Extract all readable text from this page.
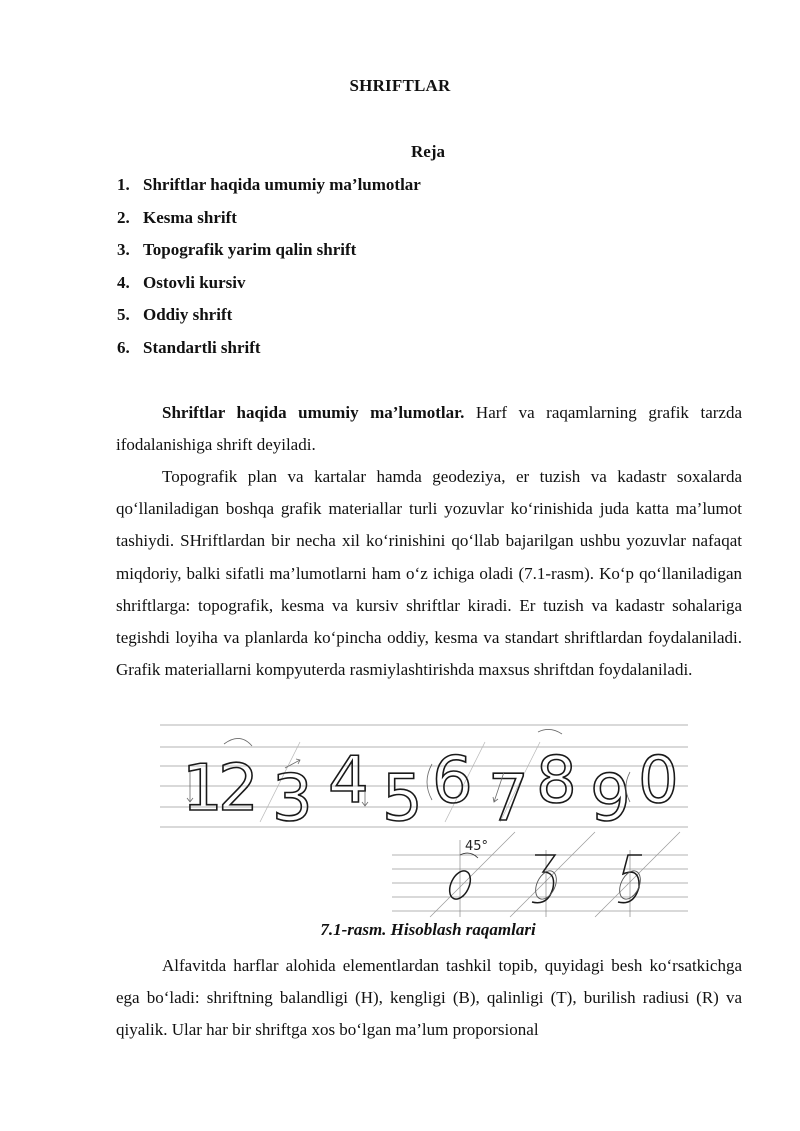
SHRIFTLAR
Reja
1. Shriftlar haqida umumiy ma’lumotlar
2. Kesma shrift
3. Topografik yarim qalin shrift
4. Ostovli kursiv
5. Oddiy shrift
6. Standartli shrift

Shriftlar haqida umumiy ma’lumotlar. Harf va raqamlarning grafik tarzda ifodalanishiga shrift deyiladi.

Topografik plan va kartalar hamda geodeziya, er tuzish va kadastr soxalarda qo‘llaniladigan boshqa grafik materiallar turli yozuvlar ko‘rinishida juda katta ma’lumot tashiydi. SHriftlardan bir necha xil ko‘rinishini qo‘llab bajarilgan ushbu yozuvlar nafaqat miqdoriy, balki sifatli ma’lumotlarni ham o‘z ichiga oladi (7.1-rasm). Ko‘p qo‘llaniladigan shriftlarga: topografik, kesma va kursiv shriftlar kiradi. Er tuzish va kadastr sohalariga tegishdi loyiha va planlarda ko‘pincha oddiy, kesma va standart shriftlardan foydalaniladi. Grafik materiallarni kompyuterda rasmiylashtirishda maxsus shriftdan foydalaniladi.

1
2 3 4 5 6 7 8 9 0
45°
7.1-rasm. Hisoblash raqamlari

Alfavitda harflar alohida elementlardan tashkil topib, quyidagi besh ko‘rsatkichga ega bo‘ladi: shriftning balandligi (H), kengligi (B), qalinligi (T), burilish radiusi (R) va qiyalik. Ular har bir shriftga xos bo‘lgan ma’lum proporsional
